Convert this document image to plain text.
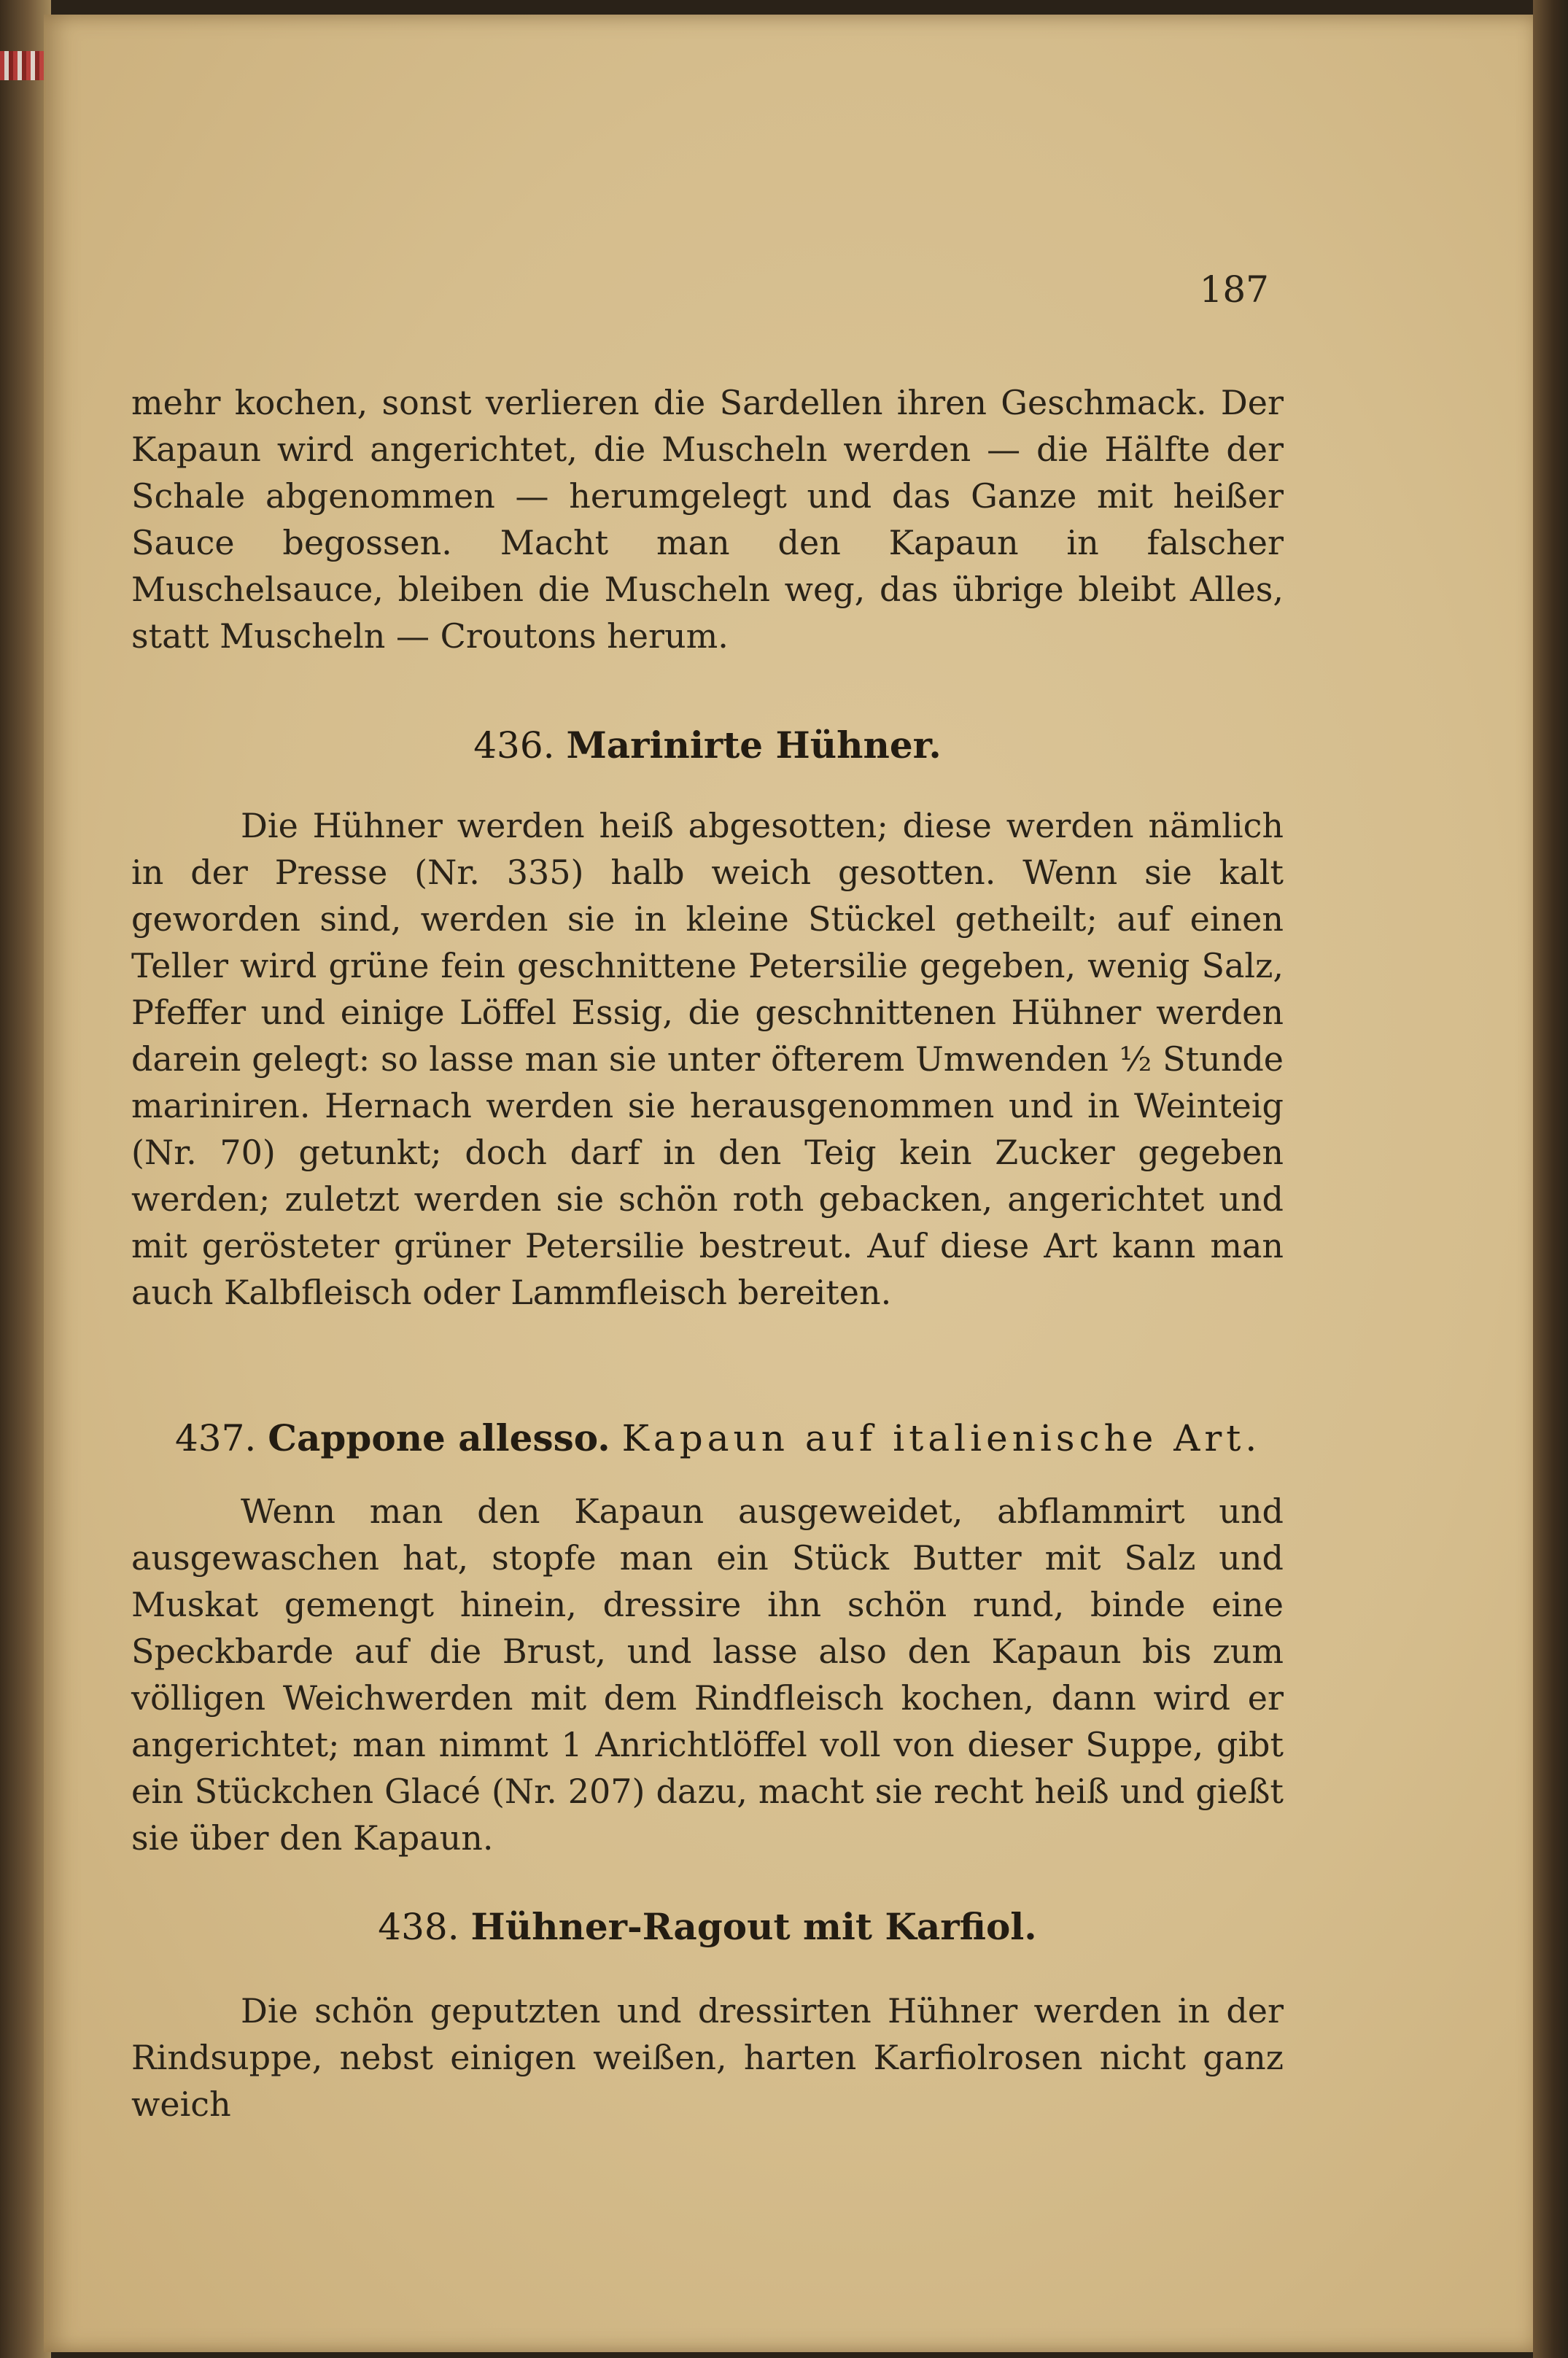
187

mehr kochen, sonst verlieren die Sardellen ihren Geschmack. Der Kapaun wird angerichtet, die Muscheln werden — die Hälfte der Schale abgenommen — herumgelegt und das Ganze mit heißer Sauce begossen. Macht man den Kapaun in falscher Muschelsauce, bleiben die Muscheln weg, das übrige bleibt Alles, statt Muscheln — Croutons herum.

436. Marinirte Hühner.

Die Hühner werden heiß abgesotten; diese werden nämlich in der Presse (Nr. 335) halb weich gesotten. Wenn sie kalt geworden sind, werden sie in kleine Stückel getheilt; auf einen Teller wird grüne fein geschnittene Petersilie gegeben, wenig Salz, Pfeffer und einige Löffel Essig, die geschnittenen Hühner werden darein gelegt: so lasse man sie unter öfterem Umwenden ½ Stunde mariniren. Hernach werden sie herausgenommen und in Weinteig (Nr. 70) getunkt; doch darf in den Teig kein Zucker gegeben werden; zuletzt werden sie schön roth gebacken, angerichtet und mit gerösteter grüner Petersilie bestreut. Auf diese Art kann man auch Kalbfleisch oder Lammfleisch bereiten.

437. Cappone allesso. Kapaun auf italienische Art.

Wenn man den Kapaun ausgeweidet, abflammirt und ausgewaschen hat, stopfe man ein Stück Butter mit Salz und Muskat gemengt hinein, dressire ihn schön rund, binde eine Speckbarde auf die Brust, und lasse also den Kapaun bis zum völligen Weichwerden mit dem Rindfleisch kochen, dann wird er angerichtet; man nimmt 1 Anrichtlöffel voll von dieser Suppe, gibt ein Stückchen Glacé (Nr. 207) dazu, macht sie recht heiß und gießt sie über den Kapaun.

438. Hühner-Ragout mit Karfiol.

Die schön geputzten und dressirten Hühner werden in der Rindsuppe, nebst einigen weißen, harten Karfiolrosen nicht ganz weich
